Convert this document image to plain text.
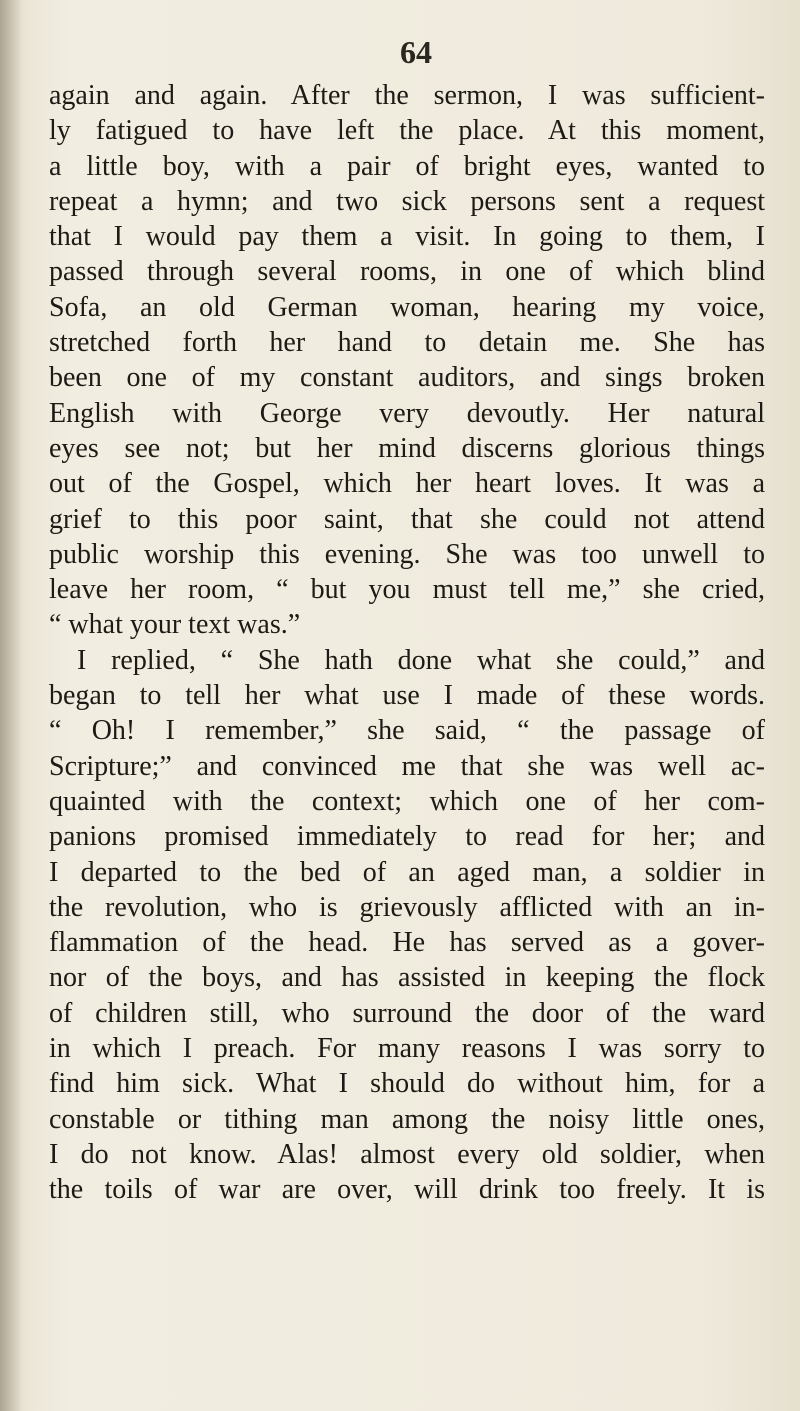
64
again and again. After the sermon, I was sufficient-
ly fatigued to have left the place. At this moment,
a little boy, with a pair of bright eyes, wanted to
repeat a hymn; and two sick persons sent a request
that I would pay them a visit. In going to them, I
passed through several rooms, in one of which blind
Sofa, an old German woman, hearing my voice,
stretched forth her hand to detain me. She has
been one of my constant auditors, and sings broken
English with George very devoutly. Her natural
eyes see not; but her mind discerns glorious things
out of the Gospel, which her heart loves. It was a
grief to this poor saint, that she could not attend
public worship this evening. She was too unwell to
leave her room, “ but you must tell me,” she cried,
“ what your text was.”
I replied, “ She hath done what she could,” and
began to tell her what use I made of these words.
“ Oh! I remember,” she said, “ the passage of
Scripture;” and convinced me that she was well ac-
quainted with the context; which one of her com-
panions promised immediately to read for her; and
I departed to the bed of an aged man, a soldier in
the revolution, who is grievously afflicted with an in-
flammation of the head. He has served as a gover-
nor of the boys, and has assisted in keeping the flock
of children still, who surround the door of the ward
in which I preach. For many reasons I was sorry to
find him sick. What I should do without him, for a
constable or tithing man among the noisy little ones,
I do not know. Alas! almost every old soldier, when
the toils of war are over, will drink too freely. It is
